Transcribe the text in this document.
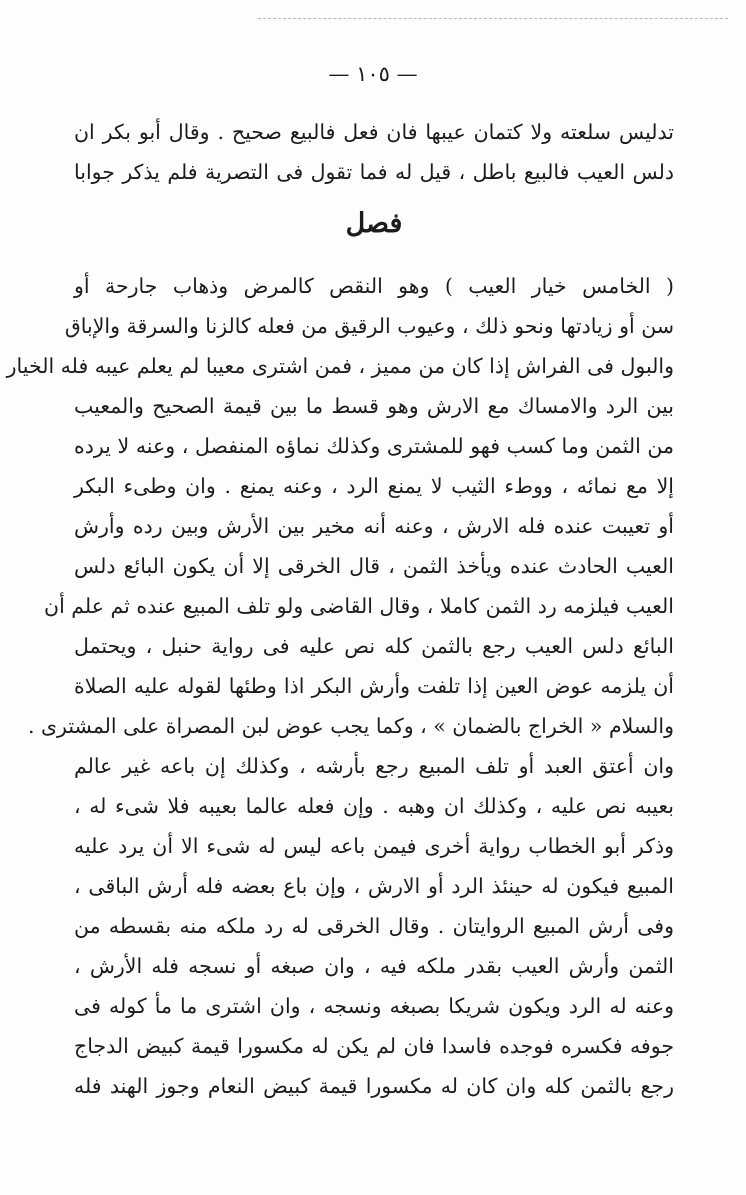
— ١٠٥ —
تدليس سلعته ولا كتمان عيبها فان فعل فالبيع صحيح . وقال أبو بكر ان
دلس العيب فالبيع باطل ، قيل له فما تقول فى التصرية فلم يذكر جوابا
فصل
( الخامس خيار العيب ) وهو النقص كالمرض وذهاب جارحة أو
سن أو زيادتها ونحو ذلك ، وعيوب الرقيق من فعله كالزنا والسرقة والإباق
والبول فى الفراش إذا كان من مميز ، فمن اشترى معيبا لم يعلم عيبه فله الخيار
بين الرد والامساك مع الارش وهو قسط ما بين قيمة الصحيح والمعيب
من الثمن وما كسب فهو للمشترى وكذلك نماؤه المنفصل ، وعنه لا يرده
إلا مع نمائه ، ووطء الثيب لا يمنع الرد ، وعنه يمنع . وان وطىء البكر
أو تعيبت عنده فله الارش ، وعنه أنه مخير بين الأرش وبين رده وأرش
العيب الحادث عنده ويأخذ الثمن ، قال الخرقى إلا أن يكون البائع دلس
العيب فيلزمه رد الثمن كاملا ، وقال القاضى ولو تلف المبيع عنده ثم علم أن
البائع دلس العيب رجع بالثمن كله نص عليه فى رواية حنبل ، ويحتمل
أن يلزمه عوض العين إذا تلفت وأرش البكر اذا وطئها لقوله عليه الصلاة
والسلام « الخراج بالضمان » ، وكما يجب عوض لبن المصراة على المشترى .
وان أعتق العبد أو تلف المبيع رجع بأرشه ، وكذلك إن باعه غير عالم
بعيبه نص عليه ، وكذلك ان وهبه . وإن فعله عالما بعيبه فلا شىء له ،
وذكر أبو الخطاب رواية أخرى فيمن باعه ليس له شىء الا أن يرد عليه
المبيع فيكون له حينئذ الرد أو الارش ، وإن باع بعضه فله أرش الباقى ،
وفى أرش المبيع الروايتان . وقال الخرقى له رد ملكه منه بقسطه من
الثمن وأرش العيب بقدر ملكه فيه ، وان صبغه أو نسجه فله الأرش ،
وعنه له الرد ويكون شريكا بصبغه ونسجه ، وان اشترى ما مأ كوله فى
جوفه فكسره فوجده فاسدا فان لم يكن له مكسورا قيمة كبيض الدجاج
رجع بالثمن كله وان كان له مكسورا قيمة كبيض النعام وجوز الهند فله
